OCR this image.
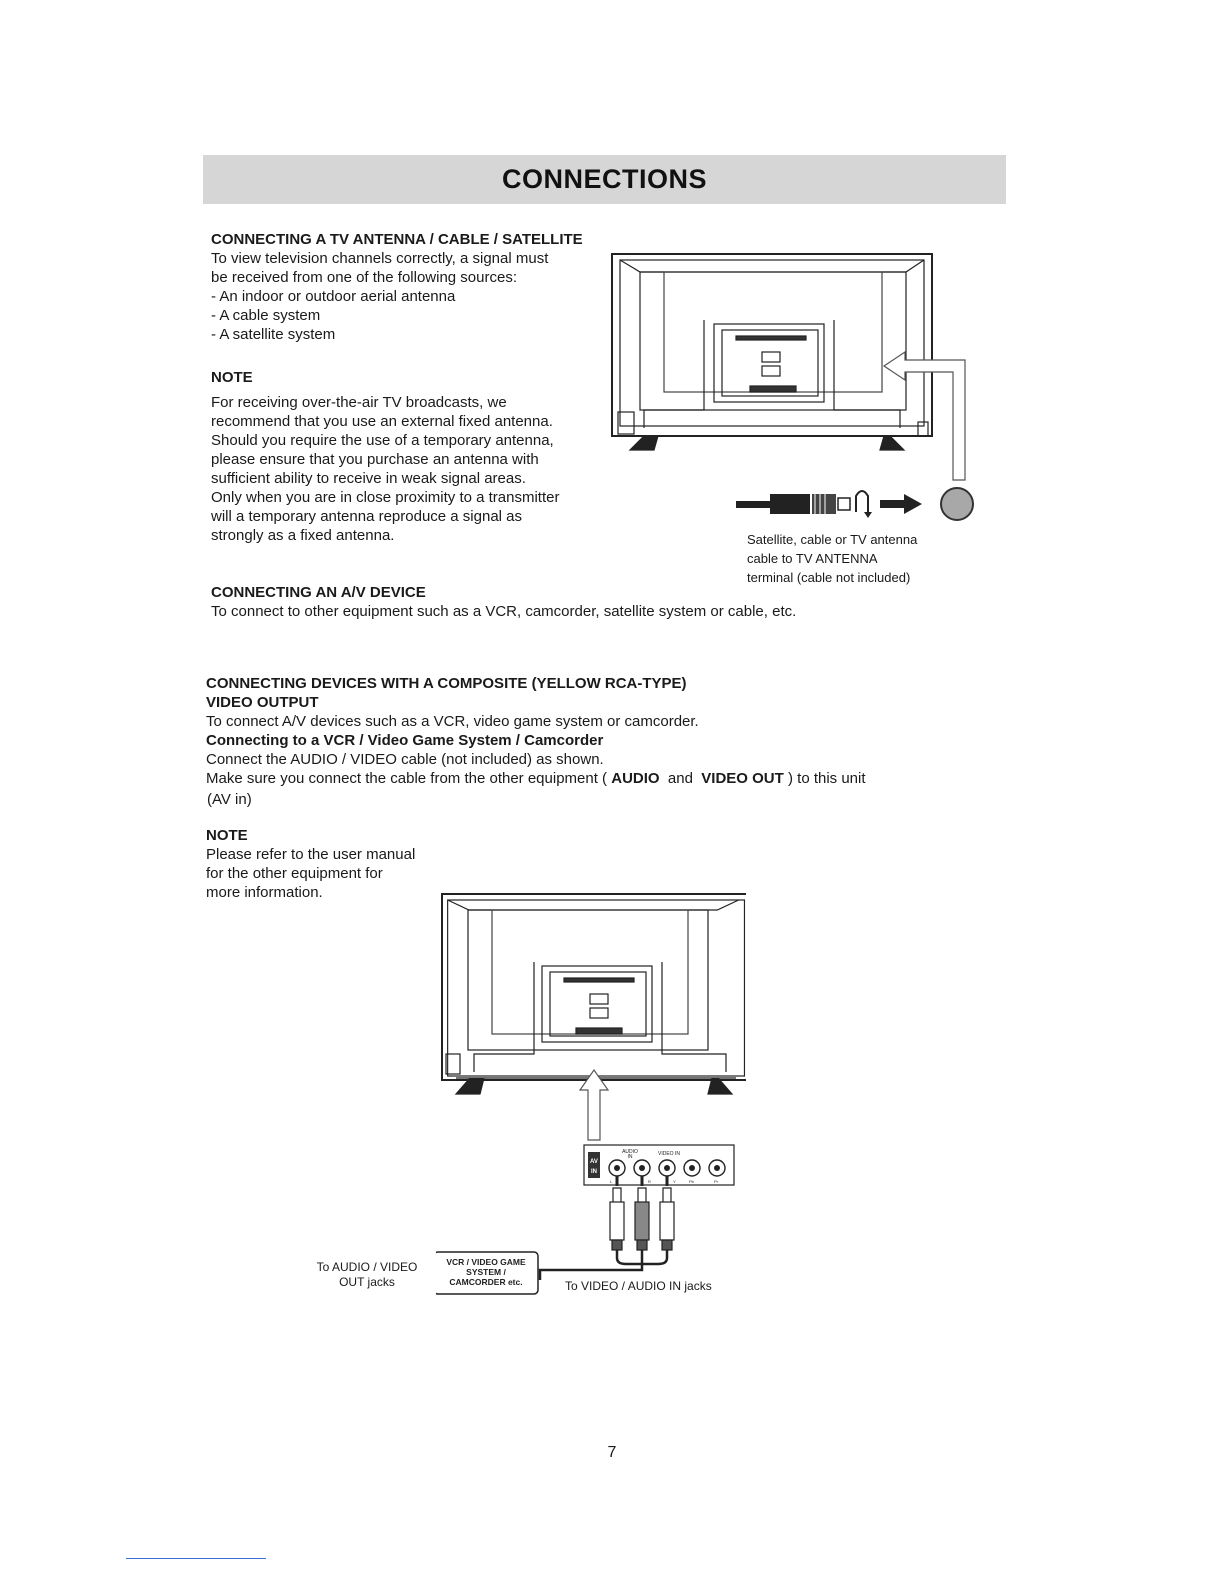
CONNECTIONS
CONNECTING A TV ANTENNA / CABLE / SATELLITE
To view television channels correctly, a signal must
be received from one of the following sources:
- An indoor or outdoor aerial antenna
- A cable system
- A satellite system
NOTE
For receiving over-the-air TV broadcasts, we
recommend that you use an external fixed antenna.
Should you require the use of a temporary antenna,
please ensure that you purchase an antenna with
sufficient ability to receive in weak signal areas.
Only when you are in close proximity to a transmitter
will a temporary antenna reproduce a signal as
strongly as a fixed antenna.	Satellite, cable or TV antenna
cable to TV ANTENNA
terminal (cable not included)
CONNECTING AN A/V DEVICE
To connect to other equipment such as a VCR, camcorder, satellite system or cable, etc.
CONNECTING DEVICES WITH A COMPOSITE (YELLOW RCA-TYPE)
VIDEO OUTPUT
To connect A/V devices such as a VCR, video game system or camcorder.
Connecting to a VCR / Video Game System / Camcorder
Connect the AUDIO / VIDEO cable (not included) as shown.
Make sure you connect the cable from the other equipment ( AUDIO and VIDEO OUT ) to this unit
(AV in)
NOTE
Please refer to the user manual
for the other equipment for
more information.
AV
IN
AUDIO
IN	VIDEO IN
L	R	Y	Pb	Pr
VCR / VIDEO GAME
SYSTEM /
CAMCORDER etc.
To AUDIO / VIDEO
OUT jacks	To VIDEO / AUDIO IN jacks
7
